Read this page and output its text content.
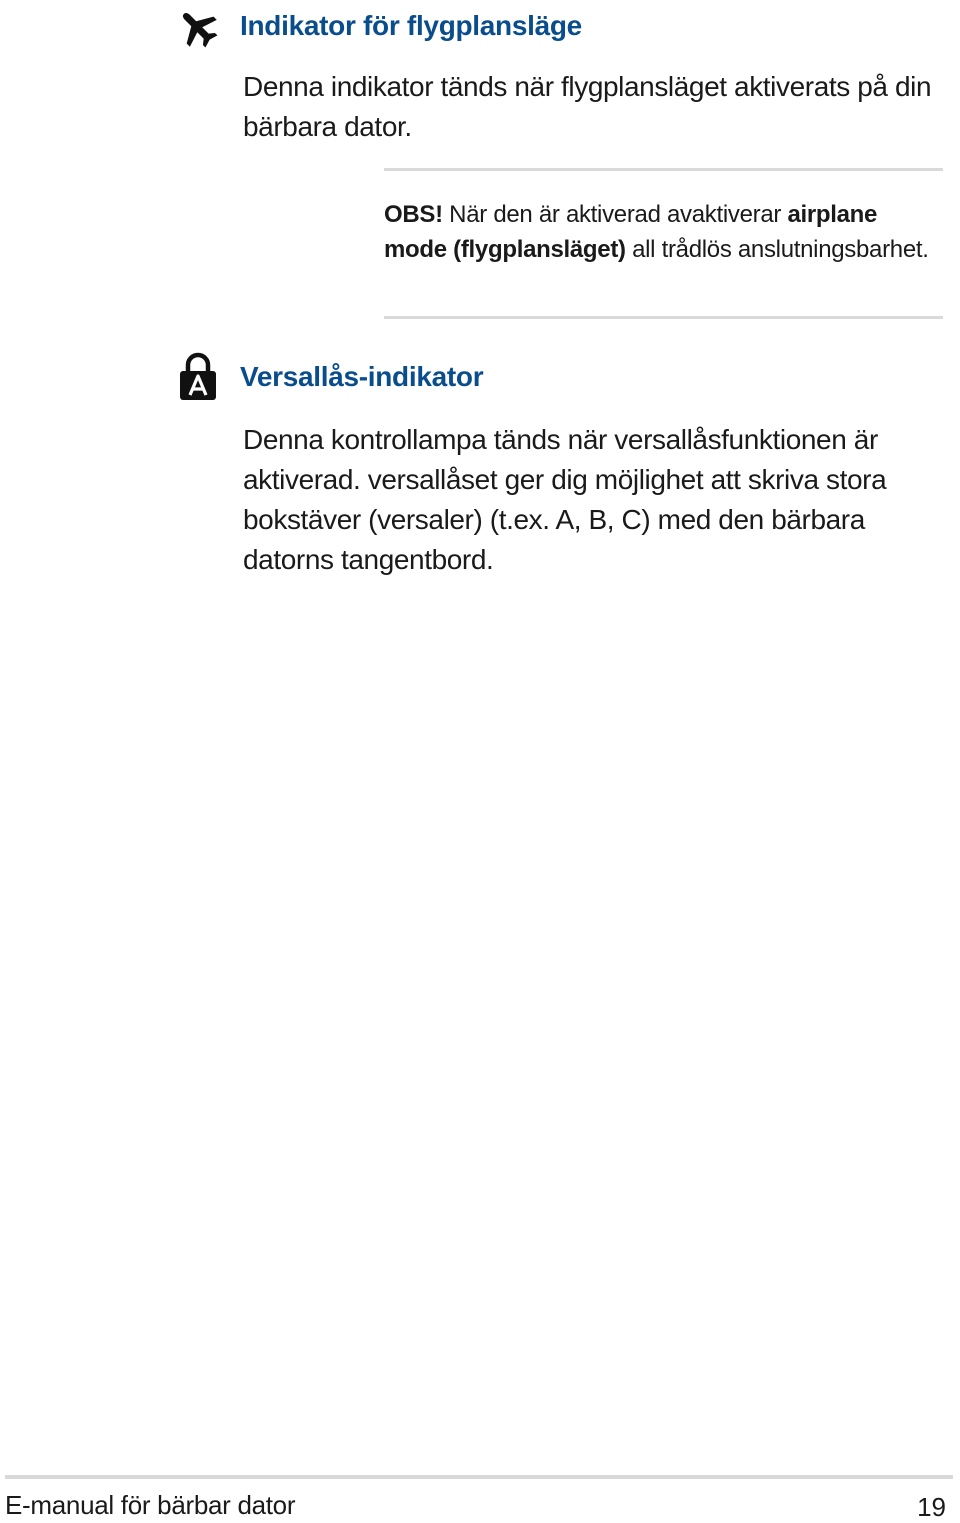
Indikator för flygplansläge

Denna indikator tänds när flygplansläget aktiverats på din bärbara dator.

OBS! När den är aktiverad avaktiverar airplane mode (flygplansläget) all trådlös anslutningsbarhet.

Versallås-indikator

Denna kontrollampa tänds när versallåsfunktionen är aktiverad. versallåset ger dig möjlighet att skriva stora bokstäver (versaler) (t.ex. A, B, C) med den bärbara datorns tangentbord.

E-manual för bärbar dator	19
